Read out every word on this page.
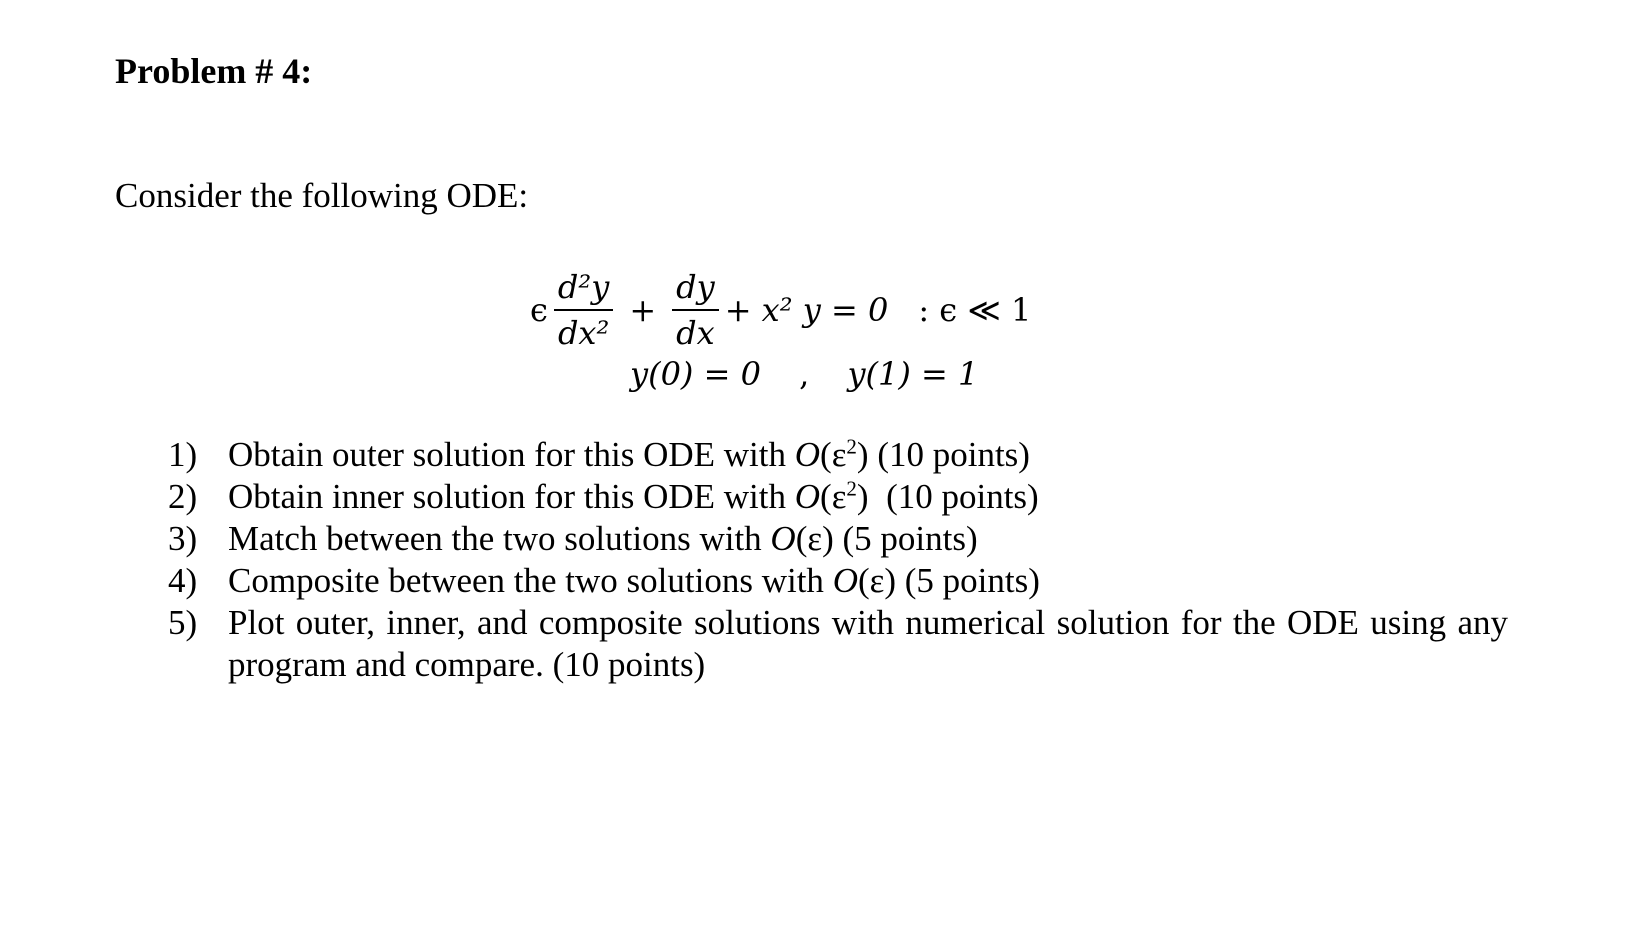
Problem # 4:
Consider the following ODE:
ϵ $\frac{\text{d²y}}{\text{dx²}} + \frac{dy}{dx} + x^2$ y = 0 : ϵ ≪ 1
y(0) = 0 , y(1) = 1
1) Obtain outer solution for this ODE with $O(\varepsilon^2)$ (10 points)
2) Obtain inner solution for this ODE with $O(\varepsilon^2)$  (10 points)
3) Match between the two solutions with O(ε) (5 points)
4) Composite between the two solutions with O(ε) (5 points)
5) Plot outer, inner, and composite solutions with numerical solution for the ODE using any program and compare. (10 points)
